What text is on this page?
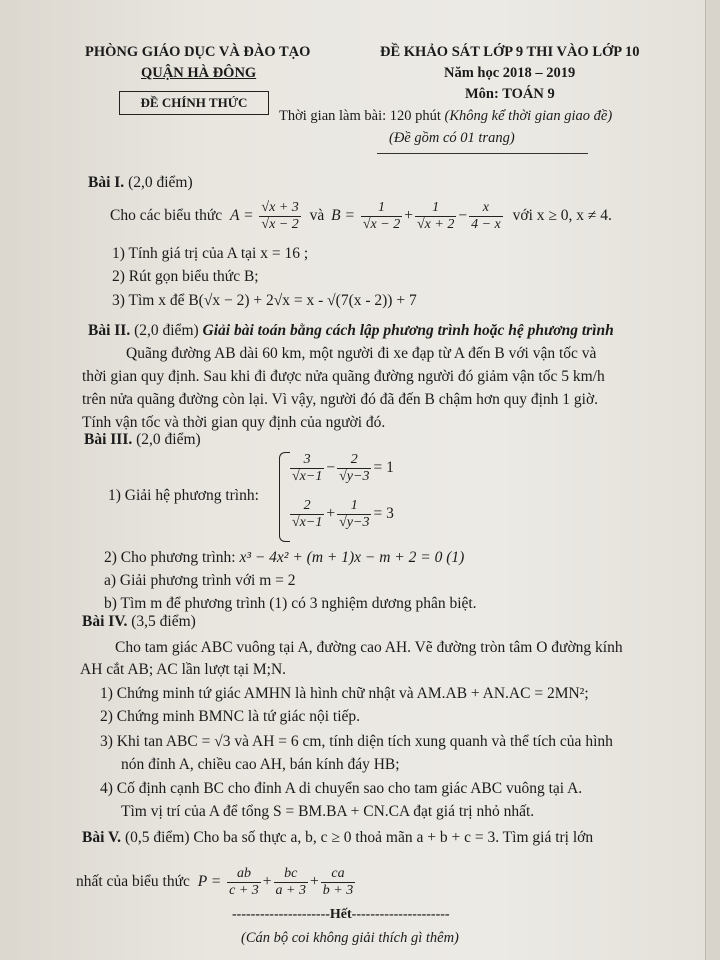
PHÒNG GIÁO DỤC VÀ ĐÀO TẠO
QUẬN HÀ ĐÔNG
ĐỀ CHÍNH THỨC
ĐỀ KHẢO SÁT LỚP 9 THI VÀO LỚP 10
Năm học 2018 – 2019
Môn: TOÁN 9
Thời gian làm bài: 120 phút (Không kể thời gian giao đề)
(Đề gồm có 01 trang)
Bài I. (2,0 điểm)
Cho các biểu thức $A = \frac{√x + 3}{√x - 2}$ và $B = \frac{1}{√x - 2} + \frac{1}{√x + 2} - \frac{x}{4 - x}$ với x ≥ 0, x ≠ 4.
1) Tính giá trị của A tại x = 16 ;
2) Rút gọn biểu thức B;
3) Tìm x để B(√x − 2) + 2√x = x - √(7(x - 2)) + 7
Bài II. (2,0 điểm) Giải bài toán bằng cách lập phương trình hoặc hệ phương trình
Quãng đường AB dài 60 km, một người đi xe đạp từ A đến B với vận tốc và
thời gian quy định. Sau khi đi được nửa quãng đường người đó giảm vận tốc 5 km/h
trên nửa quãng đường còn lại. Vì vậy, người đó đã đến B chậm hơn quy định 1 giờ.
Tính vận tốc và thời gian quy định của người đó.
Bài III. (2,0 điểm)
1) Giải hệ phương trình:
$\frac{3}{√x-1} - \frac{2}{√y-3} = 1$
$\frac{2}{√x-1} + \frac{1}{√y-3} = 3$
2) Cho phương trình: x³ − 4x² + (m + 1)x − m + 2 = 0 (1)
a) Giải phương trình với m = 2
b) Tìm m để phương trình (1) có 3 nghiệm dương phân biệt.
Bài IV. (3,5 điểm)
Cho tam giác ABC vuông tại A, đường cao AH. Vẽ đường tròn tâm O đường kính
AH cắt AB; AC lần lượt tại M;N.
1) Chứng minh tứ giác AMHN là hình chữ nhật và AM.AB + AN.AC = 2MN²;
2) Chứng minh BMNC là tứ giác nội tiếp.
3) Khi tan ABC = √3 và AH = 6 cm, tính diện tích xung quanh và thể tích của hình
nón đỉnh A, chiều cao AH, bán kính đáy HB;
4) Cố định cạnh BC cho đỉnh A di chuyển sao cho tam giác ABC vuông tại A.
Tìm vị trí của A để tổng S = BM.BA + CN.CA đạt giá trị nhỏ nhất.
Bài V. (0,5 điểm) Cho ba số thực a, b, c ≥ 0 thoả mãn a + b + c = 3. Tìm giá trị lớn
nhất của biểu thức $P = \frac{ab}{c + 3} + \frac{bc}{a + 3} + \frac{ca}{b + 3}$
---------------------Hết---------------------
(Cán bộ coi không giải thích gì thêm)
